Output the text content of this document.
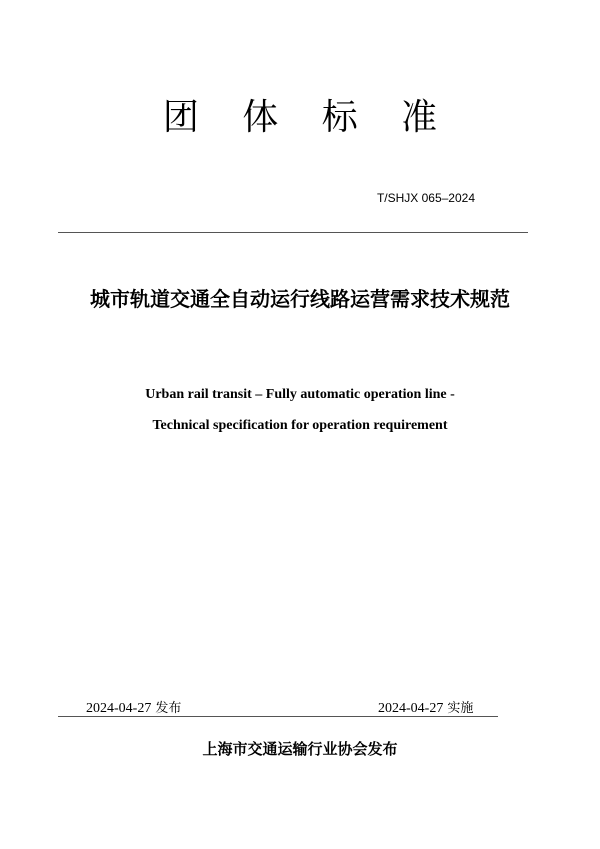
团 体 标 准
T/SHJX 065–2024
城市轨道交通全自动运行线路运营需求技术规范
Urban rail transit – Fully automatic operation line -
Technical specification for operation requirement
2024-04-27 发布	2024-04-27 实施
上海市交通运输行业协会发布
